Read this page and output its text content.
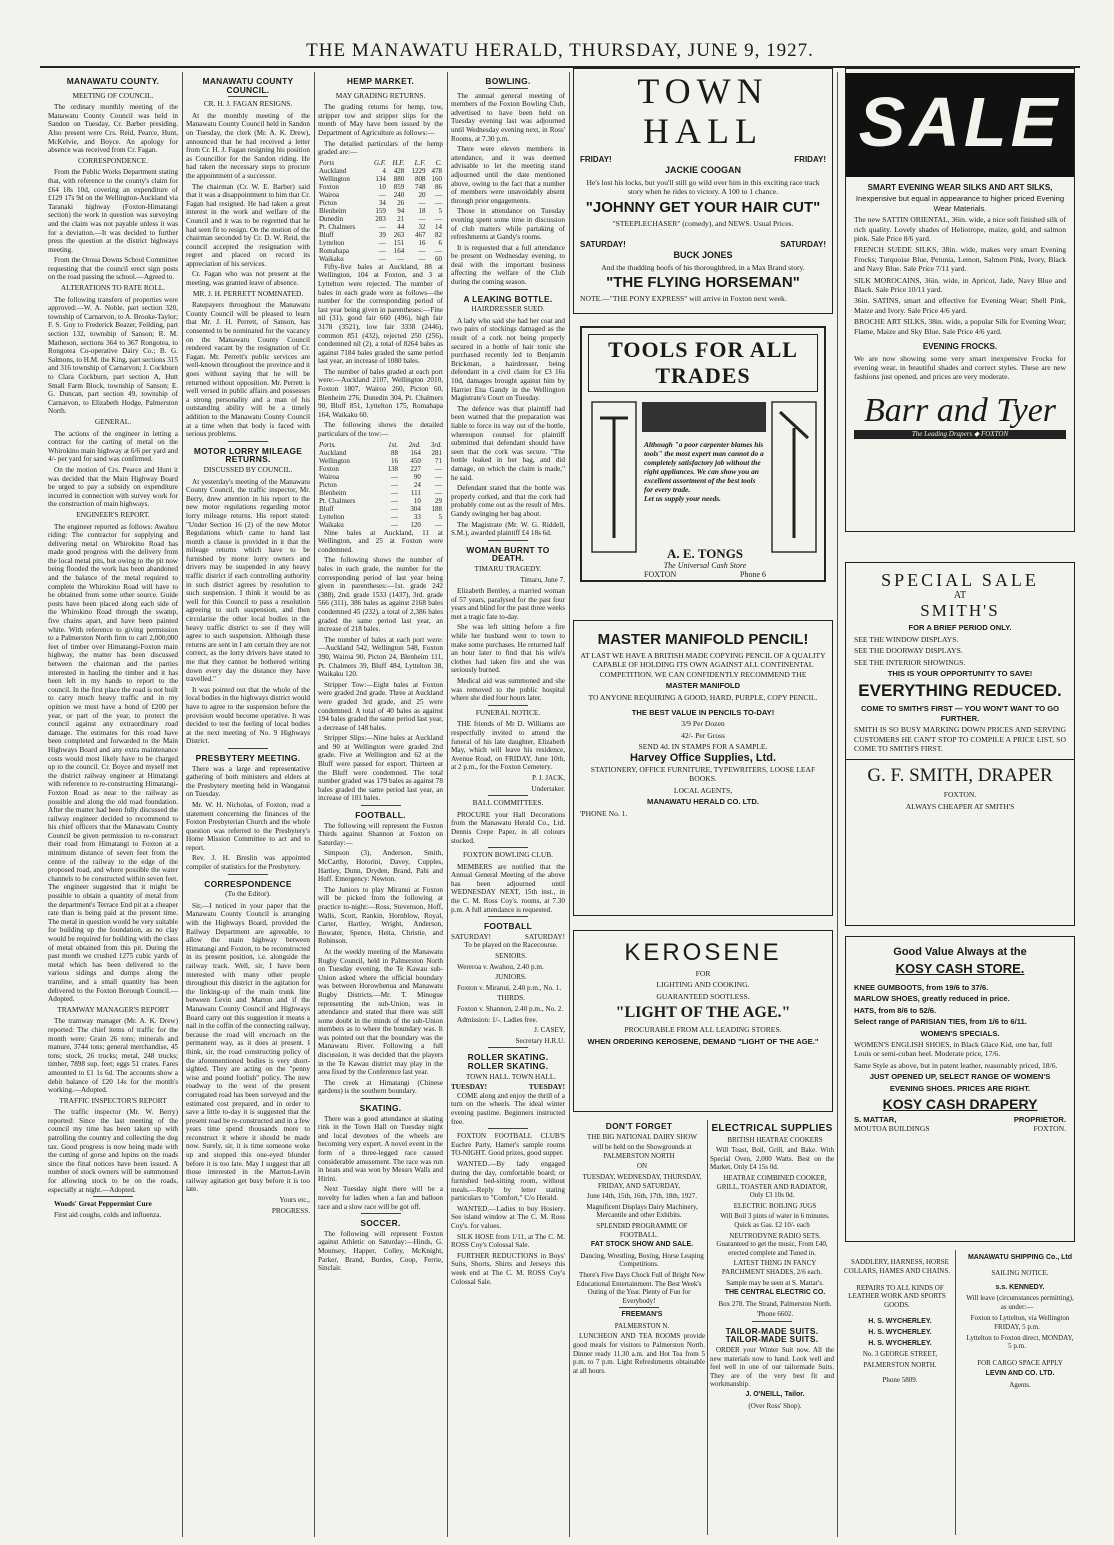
THE MANAWATU HERALD, THURSDAY, JUNE 9, 1927.
MANAWATU COUNTY.
MEETING OF COUNCIL.

The ordinary monthly meeting of the Manawatu County Council was held in Sandon on Tuesday, Cr. Barber presiding. Also present were Crs. Reid, Pearce, Hunt, McKelvie, and Boyce. An apology for absence was received from Cr. Fagan.

CORRESPONDENCE.

From the Public Works Department stating that, with reference to the county's claim for £64 18s 10d, covering an expenditure of £129 17s 9d on the Wellington-Auckland via Taranaki highway (Foxton-Himatangi section) the work in question was surveying and the claim was not payable unless it was for a deviation.—It was decided to further press the question at the district highways meeting.

From the Oroua Downs School Committee requesting that the council erect sign posts on the road passing the school.—Agreed to.

ALTERATIONS TO RATE ROLL.

The following transfers of properties were approved:—W. A. Noble, part section 320, township of Carnarvon, to A. Brooke-Taylor; F. S. Guy to Frederick Beazer, Feilding, part section 132, township of Sanson; R. M. Matheson, sections 364 to 367 Rongotea, to Rongotea Co-operative Dairy Co.; B. G. Salmons, to H.M. the King, part sections 315 and 316 township of Carnarvon; J. Cockburn to Clara Cockburn, part section A, Hutt Small Farm Block, township of Sanson; E. G. Duncan, part section 49, township of Carnarvon, to Elizabeth Hodge, Palmerston North.

GENERAL.

The actions of the engineer in letting a contract for the carting of metal on the Whirokino main highway at 6/6 per yard and 4/- per yard for sand was confirmed.

On the motion of Crs. Pearce and Hunt it was decided that the Main Highway Board be urged to pay a subsidy on expenditure incurred in connection with survey work for the construction of main highways.

ENGINEER'S REPORT.

The engineer reported as follows: Awahou riding: The contractor for supplying and delivering metal on Whirokino Road has made good progress with the delivery from the local metal pits, but owing to the pit now being flooded the work has been abandoned and the balance of the metal required to complete the Whirokino Road will have to be obtained from some other source. Guide posts have been placed along each side of the Whirokino Road through the swamp, five chains apart, and have been painted white. With reference to giving permission to a Palmerston North firm to cart 2,000,000 feet of timber over Himatangi-Foxton main highway, the matter has been discussed between the chairman and the parties interested in hauling the timber and it has been left in my hands to report to the council. In the first place the road is not built to carry much heavy traffic and in my opinion we must have a bond of £200 per year, or part of the year, to protect the council against any extraordinary road damage. The estimates for this road have been completed and forwarded to the Main Highways Board and any extra maintenance costs would most likely have to be charged up to the council. Cr. Boyce and myself met the district railway engineer at Himatangi with reference to re-constructing Himatangi-Foxton Road as near to the railway as possible and along the old road foundation. After the matter had been fully discussed the railway engineer decided to recommend to his chief officers that the Manawatu County Council be given permission to re-construct their road from Himatangi to Foxton at a minimum distance of seven feet from the centre of the railway to the edge of the proposed road, and where possible the water channels to be constructed within seven feet. The engineer suggested that it might be possible to obtain a quantity of metal from the department's Terrace End pit at a cheaper rate than is being paid at the present time. The metal in question would be very suitable for building up the foundation, as no clay would be required for building with the class of metal obtained from this pit. During the past month we crushed 1275 cubic yards of metal which has been delivered to the various sidings and dumps along the tramline, and a small quantity has been delivered to the Foxton Borough Council.—Adopted.

TRAMWAY MANAGER'S REPORT

The tramway manager (Mr. A. K. Drew) reported: The chief items of traffic for the month were: Grain 26 tons; minerals and manure, 3744 tons; general merchandise, 45 tons; stock, 26 trucks; metal, 248 trucks; timber, 7898 sup. feet; eggs 51 crates. Fares amounted to £1 1s 6d. The accounts show a debit balance of £20 14s for the month's working.—Adopted.

TRAFFIC INSPECTOR'S REPORT

The traffic inspector (Mr. W. Berry) reported: Since the last meeting of the council my time has been taken up with patrolling the country and collecting the dog tax. Good progress is now being made with the cutting of gorse and lupins on the roads since the final notices have been issued. A number of stock owners will be summonsed for allowing stock to be on the roads, especially at night.—Adopted.

Woods' Great Peppermint Cure

First aid coughs, colds and influenza.

MANAWATU COUNTY COUNCIL.
CR. H. J. FAGAN RESIGNS.

At the monthly meeting of the Manawatu County Council held in Sandon on Tuesday, the clerk (Mr. A. K. Drew), announced that he had received a letter from Cr. H. J. Fagan resigning his position as Councillor for the Sandon riding. He had taken the necessary steps to procure the appointment of a successor.

The chairman (Cr. W. E. Barber) said that it was a disappointment to him that Cr. Fagan had resigned. He had taken a great interest in the work and welfare of the Council and it was to be regretted that he had seen fit to resign. On the motion of the chairman seconded by Cr. D. W. Reid, the council accepted the resignation with regret and placed on record its appreciation of his services.

Cr. Fagan who was not present at the meeting, was granted leave of absence.

MR. J. H. PERRETT NOMINATED.

Ratepayers throughout the Manawatu County Council will be pleased to learn that Mr. J. H. Perrett, of Sanson, has consented to be nominated for the vacancy on the Manawatu County Council rendered vacant by the resignation of Cr. Fagan. Mr. Perrett's public services are well-known throughout the province and it goes without saying that he will be returned without opposition. Mr. Perrett is well versed in public affairs and possesses a strong personality and a man of his outstanding ability will be a timely addition to the Manawatu County Council at a time when that body is faced with serious problems.

MOTOR LORRY MILEAGE RETURNS.
DISCUSSED BY COUNCIL.

At yesterday's meeting of the Manawatu County Council, the traffic inspector, Mr. Berry, drew attention in his report to the new motor regulations regarding motor lorry mileage returns. His report stated: "Under Section 16 (2) of the new Motor Regulations which came to hand last month a clause is provided in it that the mileage returns which have to be furnished by motor lorry owners and drivers may be suspended in any heavy traffic district if each controlling authority in such district agrees by resolution to such suspension. I think it would be as well for this Council to pass a resolution agreeing to such suspension, and then circularise the other local bodies in the heavy traffic district to see if they will agree to such suspension. Although these returns are sent in I am certain they are not correct, as the lorry drivers have stated to me that they cannot be bothered writing down every day the distance they have travelled."

It was pointed out that the whole of the local bodies in the highways district would have to agree to the suspension before the provision would become operative. It was decided to test the feeling of local bodies at the next meeting of No. 9 Highways District.

PRESBYTERY MEETING.

There was a large and representative gathering of both ministers and elders at the Presbytery meeting held in Wanganui on Tuesday.

Mr. W. H. Nicholas, of Foxton, read a statement concerning the finances of the Foxton Presbyterian Church and the whole question was referred to the Presbytery's Home Mission Committee to act and to report.

Rev. J. H. Breslin was appointed compiler of statistics for the Presbytery.

CORRESPONDENCE
(To the Editor).

Sir,—I noticed in your paper that the Manawatu County Council is arranging with the Highways Board, provided the Railway Department are agreeable, to allow the main highway between Himatangi and Foxton, to be reconstructed in its present position, i.e. alongside the railway track. Well, sir, I have been interested with many other people throughout this district in the agitation for the linking-up of the main trunk line between Levin and Marton and if the Manawatu County Council and Highways Board carry out this suggestion it means a nail in the coffin of the connecting railway, because the road will encroach on the permanent way, as it does at present. I think, sir, the road constructing policy of the aforementioned bodies is very short-sighted. They are acting on the "penny wise and pound foolish" policy. The new roadway to the west of the present corrugated road has been surveyed and the estimated cost prepared, and in order to save a little to-day it is suggested that the present road be re-constructed and in a few years time spend thousands more to reconstruct it where it should be made now. Surely, sir, it is time someone woke up and stopped this one-eyed blunder before it is too late. May I suggest that all those interested in the Marton-Levin railway agitation get busy before it is too late.

Yours etc.,

PROGRESS.

HEMP MARKET.
MAY GRADING RETURNS.

The grading returns for hemp, tow, stripper tow and stripper slips for the month of May have been issued by the Department of Agriculture as follows:—

The detailed particulars of the hemp graded are:—

Ports	G.F.	H.F.	L.F.	C.
Auckland	4	428	1229	478
Wellington	134	880	808	160
Foxton	10	859	748	86
Wairoa	—	240	20	—
Picton	34	26	—	—
Blenheim	159	94	18	5
Dunedin	283	21	—	—
Pt. Chalmers	—	44	32	14
Bluff	39	263	467	82
Lyttelton	—	151	16	6
Romahapa	—	164	—	—
Waikaku	—	—	—	60

Fifty-five bales at Auckland, 88 at Wellington, 104 at Foxton, and 3 at Lyttelton were rejected. The number of bales in each grade were as follows—the number for the corresponding period of last year being given in parentheses:—Fine nil (31), good fair 660 (496), high fair 3178 (3521), low fair 3338 (2446), common 851 (432), rejected 250 (256), condemned nil (2), a total of 8264 bales as against 7184 bales graded the same period last year, an increase of 1080 bales.

The number of bales graded at each port were:—Auckland 2107, Wellington 2010, Foxton 1807, Wairoa 260, Picton 60, Blenheim 276, Dunedin 304, Pt. Chalmers 90, Bluff 851, Lyttelton 175, Romahapa 164, Waikaku 60.

The following shows the detailed particulars of the tow:—

Ports.	1st.	2nd.	3rd.
Auckland	88	164	281
Wellington	16	450	71
Foxton	138	227	—
Wairoa	—	90	—
Picton	—	24	—
Blenheim	—	111	—
Pt. Chalmers	—	10	29
Bluff	—	304	188
Lyttelton	—	33	5
Waikaku	—	120	—

Nine bales at Auckland, 11 at Wellington, and 25 at Foxton were condemned.

The following shows the number of bales in each grade, the number for the corresponding period of last year being given in parentheses:—1st. grade 242 (388), 2nd. grade 1533 (1437), 3rd. grade 566 (311), 386 bales as against 2168 bales condemned 45 (232), a total of 2,386 bales graded the same period last year, an increase of 218 bales.

The number of bales at each port were:—Auckland 542, Wellington 548, Foxton 390, Wairoa 90, Picton 24, Blenheim 111, Pt. Chalmers 39, Bluff 484, Lyttelton 38, Waikaku 120.

Stripper Tow:—Eight bales at Foxton were graded 2nd grade. Three at Auckland were graded 3rd grade, and 25 were condemned. A total of 40 bales as against 194 bales graded the same period last year, a decrease of 148 bales.

Stripper Slips:—Nine bales at Auckland and 90 at Wellington were graded 2nd grade. Five at Wellington and 62 at the Bluff were passed for export. Thirteen at the Bluff were condemned. The total number graded was 179 bales as against 78 bales graded the same period last year, an increase of 101 bales.

FOOTBALL.

The following will represent the Foxton Thirds against Shannon at Foxton on Saturday:—

Simpson (3), Anderson, Smith, McCarthy, Hotorini, Davey, Cupples, Hartley, Dunn, Dryden, Brand, Pahi and Huff. Emergency: Newton.

The Juniors to play Miranui at Foxton will be picked from the following at practice to-night:—Ross, Stevenson, Hoff, Walls, Scott, Rankin, Hornblow, Royal, Carter, Hartley, Wright, Anderson, Bowater, Spence, Heita, Christie, and Robinson.

At the weekly meeting of the Manawatu Rugby Council, held in Palmerston North on Tuesday evening, the Te Kawau sub-Union asked where the official boundary was between Horowhenua and Manawatu Rugby Districts.—Mr. T. Minogue representing the sub-Union, was in attendance and stated that there was still some doubt in the minds of the sub-Union members as to where the boundary was. It was pointed out that the boundary was the Manawatu River. Following a full discussion, it was decided that the players in the Te Kawau district may play in the area fixed by the Conference last year.

The creek at Himatangi (Chinese gardens) is the southern boundary.

SKATING.

There was a good attendance at skating rink in the Town Hall on Tuesday night and local devotees of the wheels are becoming very expert. A novel event in the form of a three-legged race caused considerable amusement. The race was run in heats and was won by Messrs Walls and Hirini.

Next Tuesday night there will be a novelty for ladies when a fan and balloon race and a slow race will be got off.

SOCCER.

The following will represent Foxton against Athletic on Saturday:—Hinds, G. Mounsey, Happer, Colley, McKnight, Parker, Brand, Burdes, Coop, Ferrie, Sinclair.

BOWLING.

The annual general meeting of members of the Foxton Bowling Club, advertised to have been held on Tuesday evening last was adjourned until Wednesday evening next, in Ross' Rooms, at 7.30 p.m.

There were eleven members in attendance, and it was deemed advisable to let the meeting stand adjourned until the date mentioned above, owing to the fact that a number of members were unavoidably absent through prior engagements.

Those in attendance on Tuesday evening spent some time in discussion of club matters while partaking of refreshments at Gandy's rooms.

It is requested that a full attendance be present on Wednesday evening, to deal with the important business affecting the welfare of the Club during the coming season.

A LEAKING BOTTLE.
HAIRDRESSER SUED.

A lady who said she had her coat and two pairs of stockings damaged as the result of a cork not being properly secured in a bottle of hair tonic she purchased recently led to Benjamin Brickman, a hairdresser, being defendant in a civil claim for £3 16s 10d, damages brought against him by Harriet Ena Gandy in the Wellington Magistrate's Court on Tuesday.

The defence was that plaintiff had been warned that the preparation was liable to force its way out of the bottle, whereupon counsel for plaintiff submitted that defendant should have seen that the cork was secure. "The bottle leaked in her bag, and did damage, on which the claim is made," he said.

Defendant stated that the bottle was properly corked, and that the cork had probably come out as the result of Mrs. Gandy swinging her bag about.

The Magistrate (Mr. W. G. Riddell, S.M.), awarded plaintiff £4 18s 6d.

WOMAN BURNT TO DEATH.
TIMARU TRAGEDY.

Timaru, June 7.

Elizabeth Bentley, a married woman of 57 years, paralysed for the past four years and blind for the past three weeks met a tragic fate to-day.

She was left sitting before a fire while her husband went to town to make some purchases. He returned half an hour later to find that his wife's clothes had taken fire and she was seriously burned.

Medical aid was summoned and she was removed to the public hospital where she died four hours later.

FUNERAL NOTICE.

THE friends of Mr D. Williams are respectfully invited to attend the funeral of his late daughter, Elizabeth May, which will leave his residence, Avenue Road, on FRIDAY, June 10th, at 2 p.m., for the Foxton Cemetery.

P. J. JACK,

Undertaker.

BALL COMMITTEES.

PROCURE your Hall Decorations from the Manawatu Herald Co., Ltd. Dennis Crepe Paper, in all colours stocked.

FOXTON BOWLING CLUB.

MEMBERS are notified that the Annual General Meeting of the above has been adjourned until WEDNESDAY NEXT, 15th inst., in the C. M. Ross Coy's. rooms, at 7.30 p.m. A full attendance is requested.

FOOTBALL
SATURDAY!	SATURDAY!

To be played on the Racecourse.

SENIORS.

Wereroa v. Awahou, 2.40 p.m.

JUNIORS.

Foxton v. Miranui, 2.40 p.m., No. 1.

THIRDS.

Foxton v. Shannon, 2.40 p.m., No. 2.

Admission: 1/-. Ladies free.

J. CASEY,

Secretary H.R.U.

ROLLER SKATING. ROLLER SKATING.

TOWN HALL. TOWN HALL.

TUESDAY!	TUESDAY!

COME along and enjoy the thrill of a turn on the wheels. The ideal winter evening pastime. Beginners instructed free.

FOXTON FOOTBALL CLUB'S Euchre Party, Hamer's sample rooms TO-NIGHT. Good prizes, good supper.

WANTED.—By lady engaged during the day, comfortable board; or furnished bed-sitting room, without meals.—Reply by letter stating particulars to "Comfort," C/o Herald.

WANTED.—Ladies to buy Hosiery. See island window at The C. M. Ross Coy's. for values.

SILK HOSE from 1/11, at The C. M. ROSS Coy's Colossal Sale.

FURTHER REDUCTIONS in Boys' Suits, Shorts, Shirts and Jerseys this week end at The C. M. ROSS Coy's Colossal Sale.

TOWN HALL
FRIDAY!	FRIDAY!

JACKIE COOGAN

He's lost his locks, but you'll still go wild over him in this exciting race track story when he rides to victory. A 100 to 1 chance.

"JOHNNY GET YOUR HAIR CUT"

"STEEPLECHASER" (comedy), and NEWS. Usual Prices.

SATURDAY!	SATURDAY!

BUCK JONES

And the thudding hoofs of his thoroughbred, in a Max Brand story.

"THE FLYING HORSEMAN"

NOTE.—"THE PONY EXPRESS" will arrive in Foxton next week.

TOOLS FOR ALL TRADES
Although "a poor carpenter blames his tools" the most expert man cannot do a completely satisfactory job without the right appliances. We can show you an excellent assortment of the best tools for every trade.
Let us supply your needs.
A. E. TONGS
The Universal Cash Store
FOXTON	Phone 6
MASTER MANIFOLD PENCIL!

AT LAST WE HAVE A BRITISH MADE COPYING PENCIL OF A QUALITY CAPABLE OF HOLDING ITS OWN AGAINST ALL CONTINENTAL COMPETITION. WE CAN CONFIDENTLY RECOMMEND THE

MASTER MANIFOLD

TO ANYONE REQUIRING A GOOD, HARD, PURPLE, COPY PENCIL.

THE BEST VALUE IN PENCILS TO-DAY!

3/9 Per Dozen

42/- Per Gross

SEND 4d. IN STAMPS FOR A SAMPLE.

Harvey Office Supplies, Ltd.

STATIONERY, OFFICE FURNITURE, TYPEWRITERS, LOOSE LEAF BOOKS.

LOCAL AGENTS,

MANAWATU HERALD CO. LTD.

'PHONE No. 1.

KEROSENE

FOR

LIGHTING AND COOKING.

GUARANTEED SOOTLESS.

"LIGHT OF THE AGE."

PROCURABLE FROM ALL LEADING STORES.

WHEN ORDERING KEROSENE, DEMAND "LIGHT OF THE AGE."

DON'T FORGET

THE BIG NATIONAL DAIRY SHOW

will be held on the Showgrounds at PALMERSTON NORTH

ON

TUESDAY, WEDNESDAY, THURSDAY, FRIDAY, AND SATURDAY,

June 14th, 15th, 16th, 17th, 18th, 1927.

Magnificent Displays Dairy Machinery, Mercantile and other Exhibits.

SPLENDID PROGRAMME OF FOOTBALL.

FAT STOCK SHOW AND SALE.

Dancing, Wrestling, Boxing, Horse Leaping Competitions.

There's Five Days Chock Full of Bright New Educational Entertainment. The Best Week's Outing of the Year. Plenty of Fun for Everybody!

FREEMAN'S

PALMERSTON N.

LUNCHEON AND TEA ROOMS provide good meals for visitors to Palmerston North. Dinner ready 11.30 a.m. and Hot Tea from 5 p.m. to 7 p.m. Light Refreshments obtainable at all hours.

ELECTRICAL SUPPLIES

BRITISH HEATRAE COOKERS

Will Toast, Boil, Grill, and Bake. With Special Oven, 2,000 Watts. Best on the Market, Only £4 15s 0d.

HEATRAE COMBINED COOKER, GRILL, TOASTER AND RADIATOR, Only £3 10s 0d.

ELECTRIC BOILING JUGS

Will Boil 3 pints of water in 6 minutes. Quick as Gas. £2 10/- each

NEUTRODYNE RADIO SETS. Guaranteed to get the music, From £40, erected complete and Tuned in.

LATEST THING IN FANCY PARCHMENT SHADES, 2/6 each.

Sample may be seen at S. Mattar's.

THE CENTRAL ELECTRIC CO.

Box 278. The Strand, Palmerston North.

'Phone 6602.

TAILOR-MADE SUITS. TAILOR-MADE SUITS.

ORDER your Winter Suit now. All the new materials now to hand. Look well and feel well in one of our tailormade Suits. They are of the very best fit and workmanship.

J. O'NEILL, Tailor.

(Over Ross' Shop).

SALE

SMART EVENING WEAR SILKS AND ART SILKS,

Inexpensive but equal in appearance to higher priced Evening Wear Materials.

The new SATTIN ORIENTAL, 36in. wide, a nice soft finished silk of rich quality. Lovely shades of Heliotrope, maize, gold, and salmon pink. Sale Price 8/6 yard.

FRENCH SUEDE SILKS, 38in. wide, makes very smart Evening Frocks; Turquoise Blue, Petunia, Lemon, Salmon Pink, Ivory, Black and Navy Blue. Sale Price 7/11 yard.

SILK MOROCAINS, 36in. wide, in Apricot, Jade, Navy Blue and Black. Sale Price 10/11 yard.

36in. SATINS, smart and effective for Evening Wear; Shell Pink, Maize and Ivory. Sale Price 4/6 yard.

BROCHE ART SILKS, 38in. wide, a popular Silk for Evening Wear; Flame, Maize and Sky Blue. Sale Price 4/6 yard.

EVENING FROCKS.

We are now showing some very smart inexpensive Frocks for evening wear, in beautiful shades and correct styles. These are new fashions just opened, and prices are very moderate.

Barr and Tyer
The Leading Drapers ◆ FOXTON
SPECIAL SALE
AT
SMITH'S

FOR A BRIEF PERIOD ONLY.

SEE THE WINDOW DISPLAYS.

SEE THE DOORWAY DISPLAYS.

SEE THE INTERIOR SHOWINGS.

THIS IS YOUR OPPORTUNITY TO SAVE!

EVERYTHING REDUCED.

COME TO SMITH'S FIRST — YOU WON'T WANT TO GO FURTHER.

SMITH IS SO BUSY MARKING DOWN PRICES AND SERVING CUSTOMERS HE CAN'T STOP TO COMPILE A PRICE LIST, SO COME TO SMITH'S FIRST.

G. F. SMITH, DRAPER

FOXTON.

ALWAYS CHEAPER AT SMITH'S

Good Value Always at the

KOSY CASH STORE.

KNEE GUMBOOTS, from 19/6 to 37/6.

MARLOW SHOES, greatly reduced in price.

HATS, from 8/6 to 52/6.

Select range of PARISIAN TIES, from 1/6 to 6/11.

WOMEN'S SPECIALS.

WOMEN'S ENGLISH SHOES, in Black Glace Kid, one bar, full Louis or semi-cuban heel. Moderate price, 17/6.

Same Style as above, but in patent leather, reasonably priced, 18/6.

JUST OPENED UP, SELECT RANGE OF WOMEN'S

EVENING SHOES. PRICES ARE RIGHT.

KOSY CASH DRAPERY

S. MATTAR,	PROPRIETOR.
MOUTOA BUILDINGS	FOXTON.

SADDLERY, HARNESS, HORSE COLLARS, HAMES AND CHAINS.

REPAIRS TO ALL KINDS OF LEATHER WORK AND SPORTS GOODS.

H. S. WYCHERLEY.

H. S. WYCHERLEY.

H. S. WYCHERLEY.

No. 3 GEORGE STREET,

PALMERSTON NORTH.

Phone 5809.

MANAWATU SHIPPING Co., Ltd

SAILING NOTICE.

s.s. KENNEDY.

Will leave (circumstances permitting), as under:—

Foxton to Lyttelton, via Wellington FRIDAY, 5 p.m.

Lyttelton to Foxton direct, MONDAY, 5 p.m.

FOR CARGO SPACE APPLY

LEVIN AND CO. LTD.

Agents.
